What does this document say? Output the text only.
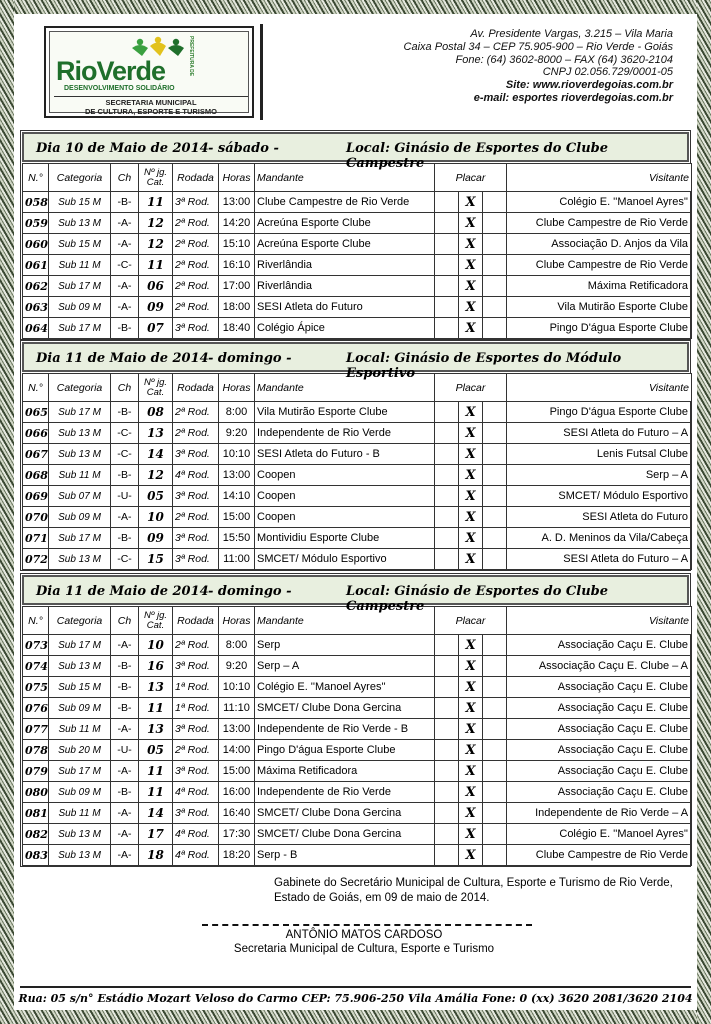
PREFEITURA DE
RioVerde
DESENVOLVIMENTO SOLIDÁRIO
SECRETARIA MUNICIPAL
DE CULTURA, ESPORTE E TURISMO
Av. Presidente Vargas, 3.215 – Vila Maria
Caixa Postal 34 – CEP 75.905-900 – Rio Verde - Goiás
Fone: (64) 3602-8000 – FAX (64) 3620-2104
CNPJ 02.056.729/0001-05
Site: www.rioverdegoias.com.br
e-mail: esportes rioverdegoias.com.br
Dia 10 de Maio de 2014 - sábado -	Local: Ginásio de Esportes do Clube Campestre
N.°	Categoria	Ch	Nº jg.
Cat.	Rodada	Horas	Mandante	Placar			Visitante
058	Sub 15 M	-B-	11	3ª Rod.	13:00	Clube Campestre de Rio Verde		X		Colégio E. ''Manoel Ayres''
059	Sub 13 M	-A-	12	2ª Rod.	14:20	Acreúna Esporte Clube		X		Clube Campestre de Rio Verde
060	Sub 15 M	-A-	12	2ª Rod.	15:10	Acreúna Esporte Clube		X		Associação D. Anjos da Vila
061	Sub 11 M	-C-	11	2ª Rod.	16:10	Riverlândia		X		Clube Campestre de Rio Verde
062	Sub 17 M	-A-	06	2ª Rod.	17:00	Riverlândia		X		Máxima Retificadora
063	Sub 09 M	-A-	09	2ª Rod.	18:00	SESI Atleta do Futuro		X		Vila Mutirão Esporte Clube
064	Sub 17 M	-B-	07	3ª Rod.	18:40	Colégio Ápice		X		Pingo D'água Esporte Clube
Dia 11 de Maio de 2014 - domingo -	Local: Ginásio de Esportes do Módulo Esportivo
N.°	Categoria	Ch	Nº jg.
Cat.	Rodada	Horas	Mandante	Placar			Visitante
065	Sub 17 M	-B-	08	2ª Rod.	8:00	Vila Mutirão Esporte Clube		X		Pingo D'água Esporte Clube
066	Sub 13 M	-C-	13	2ª Rod.	9:20	Independente de Rio Verde		X		SESI Atleta do Futuro – A
067	Sub 13 M	-C-	14	3ª Rod.	10:10	SESI Atleta do Futuro - B		X		Lenis Futsal Clube
068	Sub 11 M	-B-	12	4ª Rod.	13:00	Coopen		X		Serp – A
069	Sub 07 M	-U-	05	3ª Rod.	14:10	Coopen		X		SMCET/ Módulo Esportivo
070	Sub 09 M	-A-	10	2ª Rod.	15:00	Coopen		X		SESI Atleta do Futuro
071	Sub 17 M	-B-	09	3ª Rod.	15:50	Montividiu Esporte Clube		X		A. D. Meninos da Vila/Cabeça
072	Sub 13 M	-C-	15	3ª Rod.	11:00	SMCET/ Módulo Esportivo		X		SESI Atleta do Futuro – A
Dia 11 de Maio de 2014 - domingo -	Local: Ginásio de Esportes do Clube Campestre
N.°	Categoria	Ch	Nº jg.
Cat.	Rodada	Horas	Mandante	Placar			Visitante
073	Sub 17 M	-A-	10	2ª Rod.	8:00	Serp		X		Associação Caçu E. Clube
074	Sub 13 M	-B-	16	3ª Rod.	9:20	Serp – A		X		Associação Caçu E. Clube – A
075	Sub 15 M	-B-	13	1ª Rod.	10:10	Colégio E. ''Manoel Ayres''		X		Associação Caçu E. Clube
076	Sub 09 M	-B-	11	1ª Rod.	11:10	SMCET/ Clube Dona Gercina		X		Associação Caçu E. Clube
077	Sub 11 M	-A-	13	3ª Rod.	13:00	Independente de Rio Verde - B		X		Associação Caçu E. Clube
078	Sub 20 M	-U-	05	2ª Rod.	14:00	Pingo D'água Esporte Clube		X		Associação Caçu E. Clube
079	Sub 17 M	-A-	11	3ª Rod.	15:00	Máxima Retificadora		X		Associação Caçu E. Clube
080	Sub 09 M	-B-	11	4ª Rod.	16:00	Independente de Rio Verde		X		Associação Caçu E. Clube
081	Sub 11 M	-A-	14	3ª Rod.	16:40	SMCET/ Clube Dona Gercina		X		Independente de Rio Verde – A
082	Sub 13 M	-A-	17	4ª Rod.	17:30	SMCET/ Clube Dona Gercina		X		Colégio E. ''Manoel Ayres''
083	Sub 13 M	-A-	18	4ª Rod.	18:20	Serp - B		X		Clube Campestre de Rio Verde
Gabinete do Secretário Municipal de Cultura, Esporte e Turismo de Rio Verde, Estado de Goiás, em 09 de maio de 2014.
ANTÔNIO MATOS CARDOSO
Secretaria Municipal de Cultura, Esporte e Turismo
Rua: 05 s/n° Estádio Mozart Veloso do Carmo CEP: 75.906-250 Vila Amália Fone: 0 (xx) 3620 2081/3620 2104
